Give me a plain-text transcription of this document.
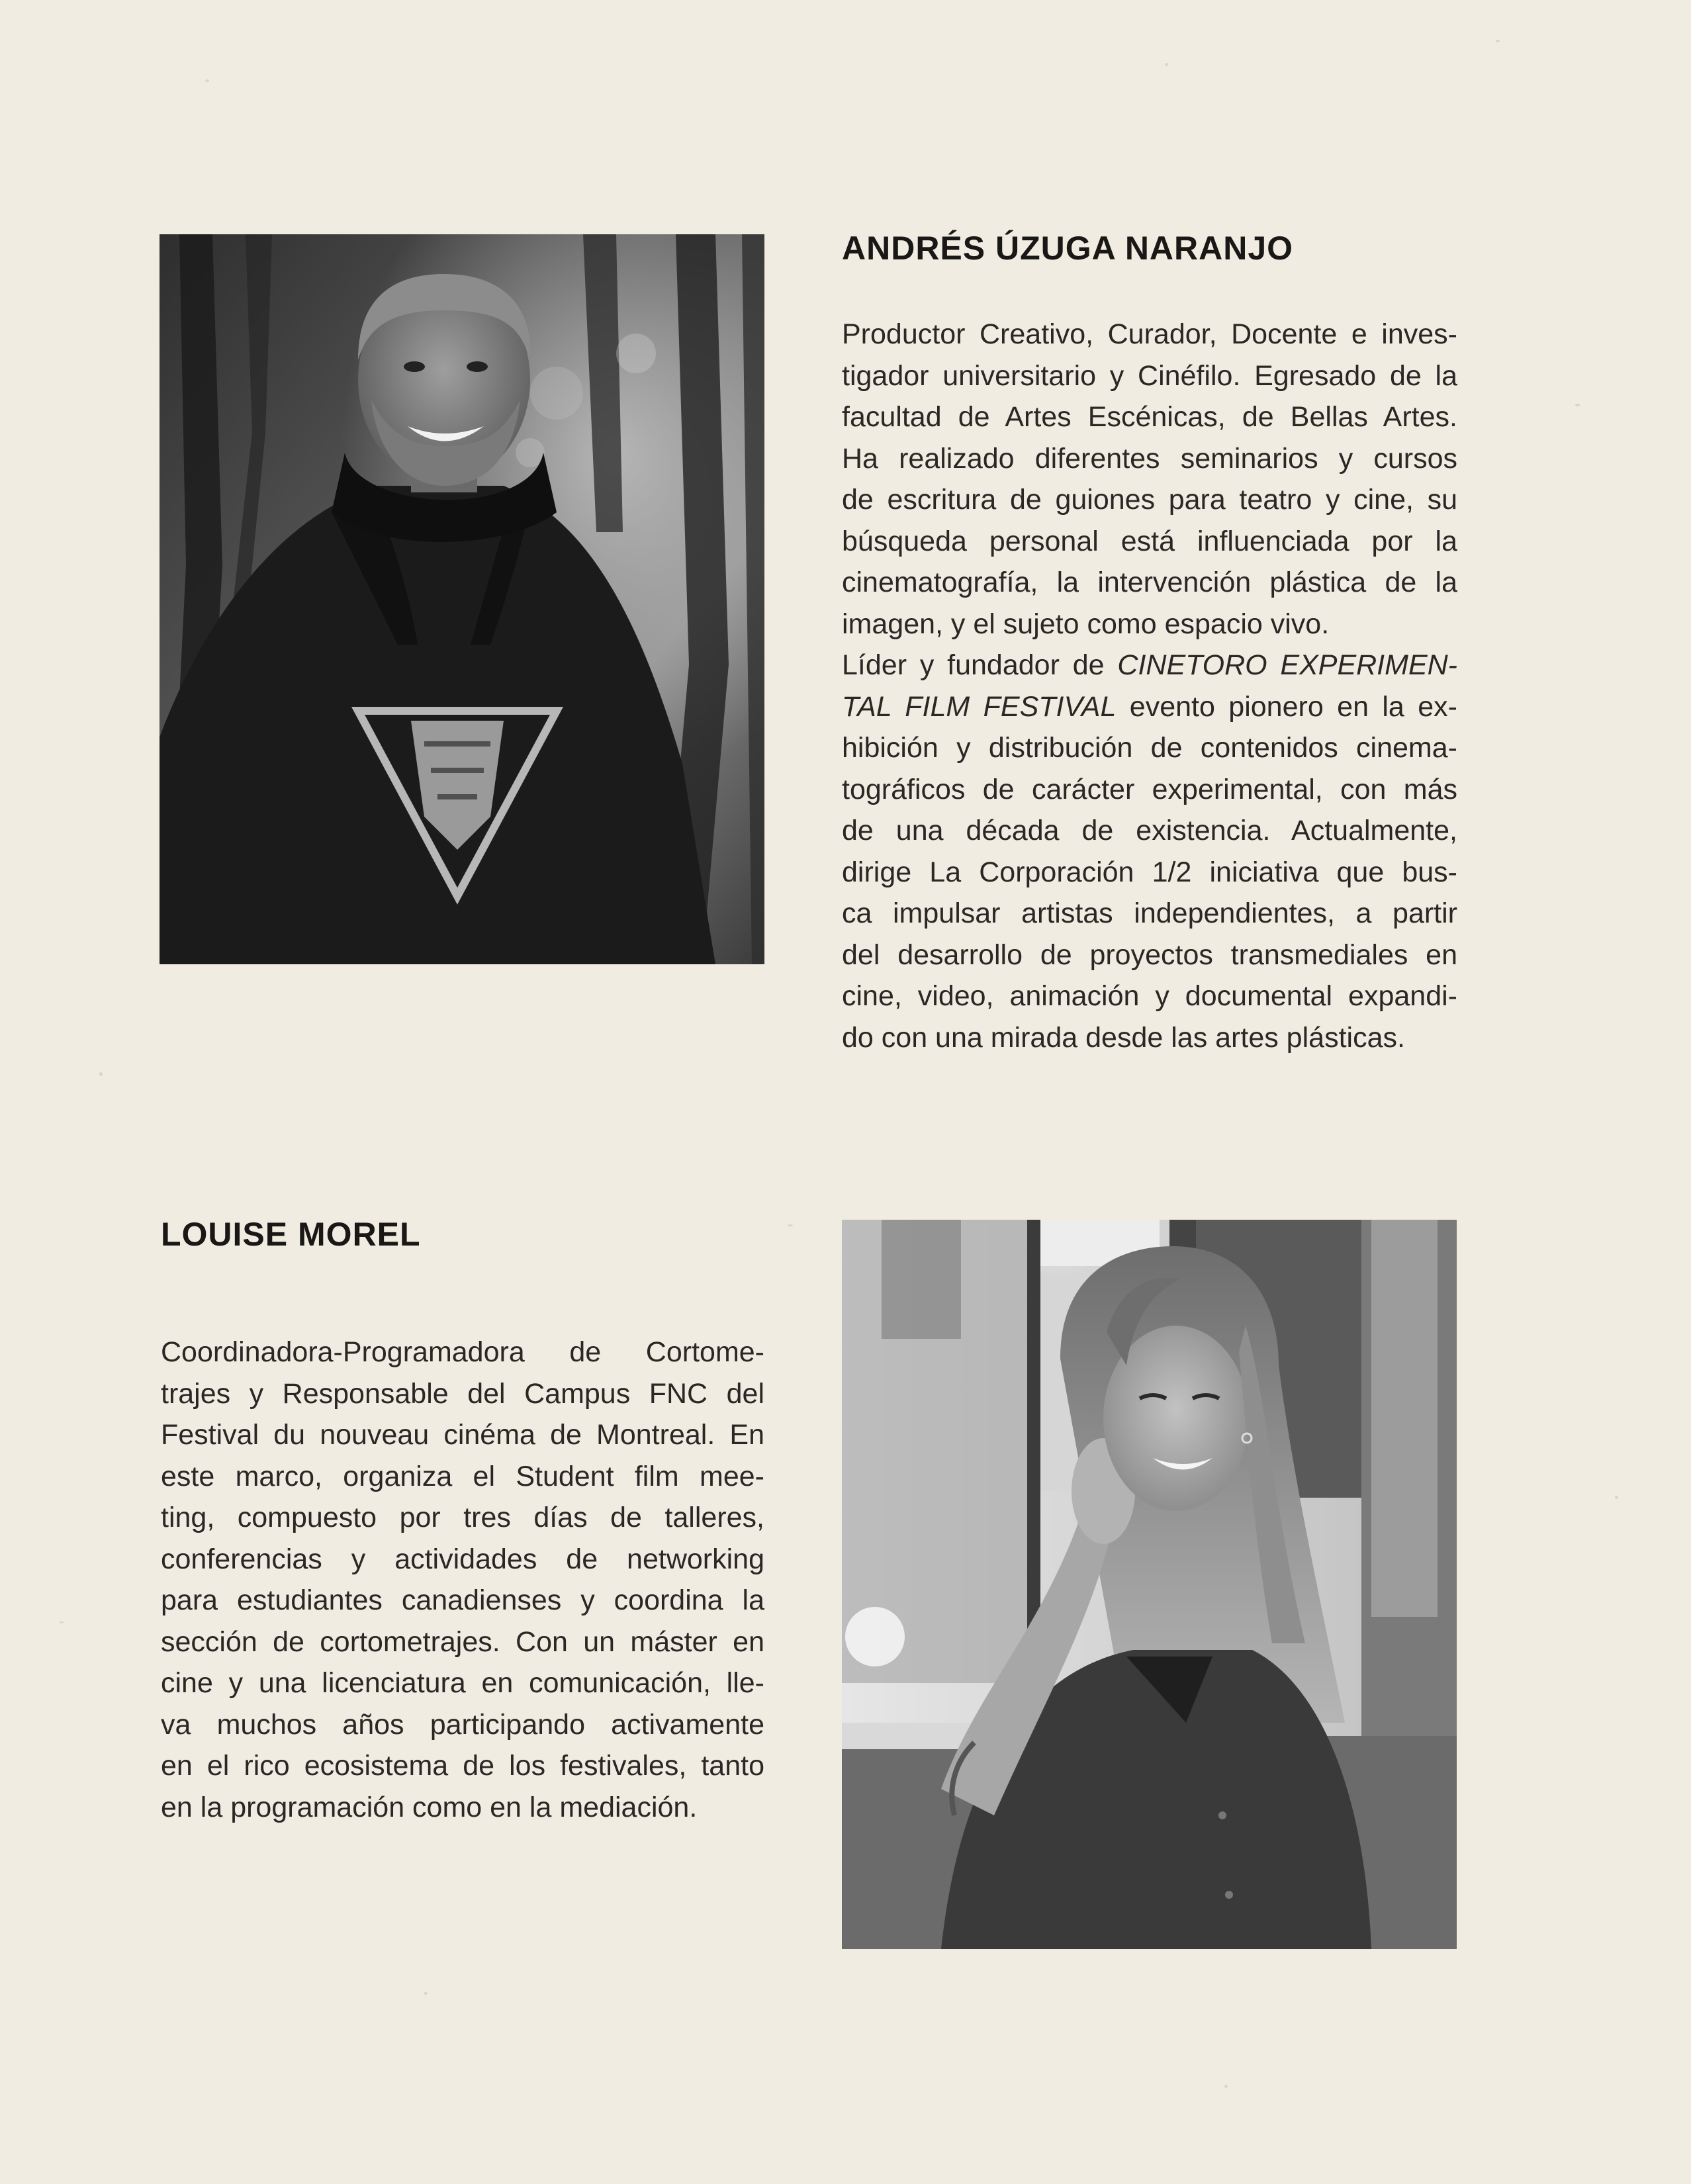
ANDRÉS ÚZUGA NARANJO
Productor Creativo, Curador, Docente e inves-
tigador universitario y Cinéfilo. Egresado de la
facultad de Artes Escénicas, de Bellas Artes.
Ha realizado diferentes seminarios y cursos
de escritura de guiones para teatro y cine, su
búsqueda personal está influenciada por la
cinematografía, la intervención plástica de la
imagen, y el sujeto como espacio vivo.
Líder y fundador de CINETORO EXPERIMEN-
TAL FILM FESTIVAL evento pionero en la ex-
hibición y distribución de contenidos cinema-
tográficos de carácter experimental, con más
de una década de existencia. Actualmente,
dirige La Corporación 1/2 iniciativa que bus-
ca impulsar artistas independientes, a partir
del desarrollo de proyectos transmediales en
cine, video, animación y documental expandi-
do con una mirada desde las artes plásticas.
LOUISE MOREL
Coordinadora-Programadora de Cortome-
trajes y Responsable del Campus FNC del
Festival du nouveau cinéma de Montreal. En
este marco, organiza el Student film mee-
ting, compuesto por tres días de talleres,
conferencias y actividades de networking
para estudiantes canadienses y coordina la
sección de cortometrajes. Con un máster en
cine y una licenciatura en comunicación, lle-
va muchos años participando activamente
en el rico ecosistema de los festivales, tanto
en la programación como en la mediación.
